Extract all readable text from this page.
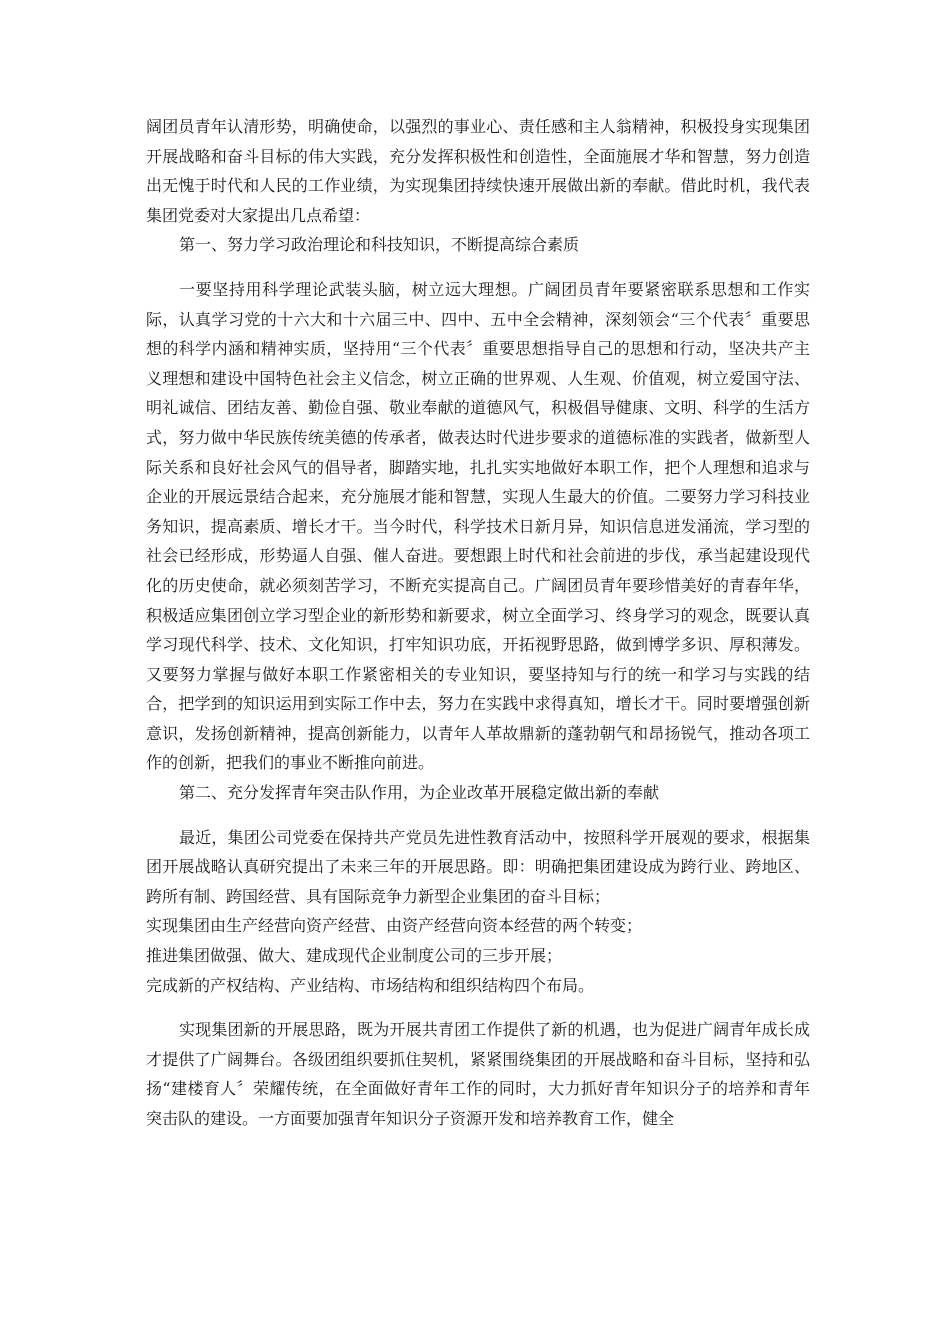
阔团员青年认清形势，明确使命，以强烈的事业心、责任感和主人翁精神，积极投身实现集团开展战略和奋斗目标的伟大实践，充分发挥积极性和创造性，全面施展才华和智慧，努力创造出无愧于时代和人民的工作业绩，为实现集团持续快速开展做出新的奉献。借此时机，我代表集团党委对大家提出几点希望：

第一、努力学习政治理论和科技知识，不断提高综合素质

一要坚持用科学理论武装头脑，树立远大理想。广阔团员青年要紧密联系思想和工作实际，认真学习党的十六大和十六届三中、四中、五中全会精神，深刻领会“三个代表〞重要思想的科学内涵和精神实质，坚持用“三个代表〞重要思想指导自己的思想和行动，坚决共产主义理想和建设中国特色社会主义信念，树立正确的世界观、人生观、价值观，树立爱国守法、明礼诚信、团结友善、勤俭自强、敬业奉献的道德风气，积极倡导健康、文明、科学的生活方式，努力做中华民族传统美德的传承者，做表达时代进步要求的道德标准的实践者，做新型人际关系和良好社会风气的倡导者，脚踏实地，扎扎实实地做好本职工作，把个人理想和追求与企业的开展远景结合起来，充分施展才能和智慧，实现人生最大的价值。二要努力学习科技业务知识，提高素质、增长才干。当今时代，科学技术日新月异，知识信息迸发涌流，学习型的社会已经形成，形势逼人自强、催人奋进。要想跟上时代和社会前进的步伐，承当起建设现代化的历史使命，就必须刻苦学习，不断充实提高自己。广阔团员青年要珍惜美好的青春年华，积极适应集团创立学习型企业的新形势和新要求，树立全面学习、终身学习的观念，既要认真学习现代科学、技术、文化知识，打牢知识功底，开拓视野思路，做到博学多识、厚积薄发。又要努力掌握与做好本职工作紧密相关的专业知识，要坚持知与行的统一和学习与实践的结合，把学到的知识运用到实际工作中去，努力在实践中求得真知，增长才干。同时要增强创新意识，发扬创新精神，提高创新能力，以青年人革故鼎新的蓬勃朝气和昂扬锐气，推动各项工作的创新，把我们的事业不断推向前进。

第二、充分发挥青年突击队作用，为企业改革开展稳定做出新的奉献

最近，集团公司党委在保持共产党员先进性教育活动中，按照科学开展观的要求，根据集团开展战略认真研究提出了未来三年的开展思路。即：明确把集团建设成为跨行业、跨地区、跨所有制、跨国经营、具有国际竞争力新型企业集团的奋斗目标；

实现集团由生产经营向资产经营、由资产经营向资本经营的两个转变；

推进集团做强、做大、建成现代企业制度公司的三步开展；

完成新的产权结构、产业结构、市场结构和组织结构四个布局。

实现集团新的开展思路，既为开展共青团工作提供了新的机遇，也为促进广阔青年成长成才提供了广阔舞台。各级团组织要抓住契机，紧紧围绕集团的开展战略和奋斗目标，坚持和弘扬“建楼育人〞荣耀传统，在全面做好青年工作的同时，大力抓好青年知识分子的培养和青年突击队的建设。一方面要加强青年知识分子资源开发和培养教育工作，健全
